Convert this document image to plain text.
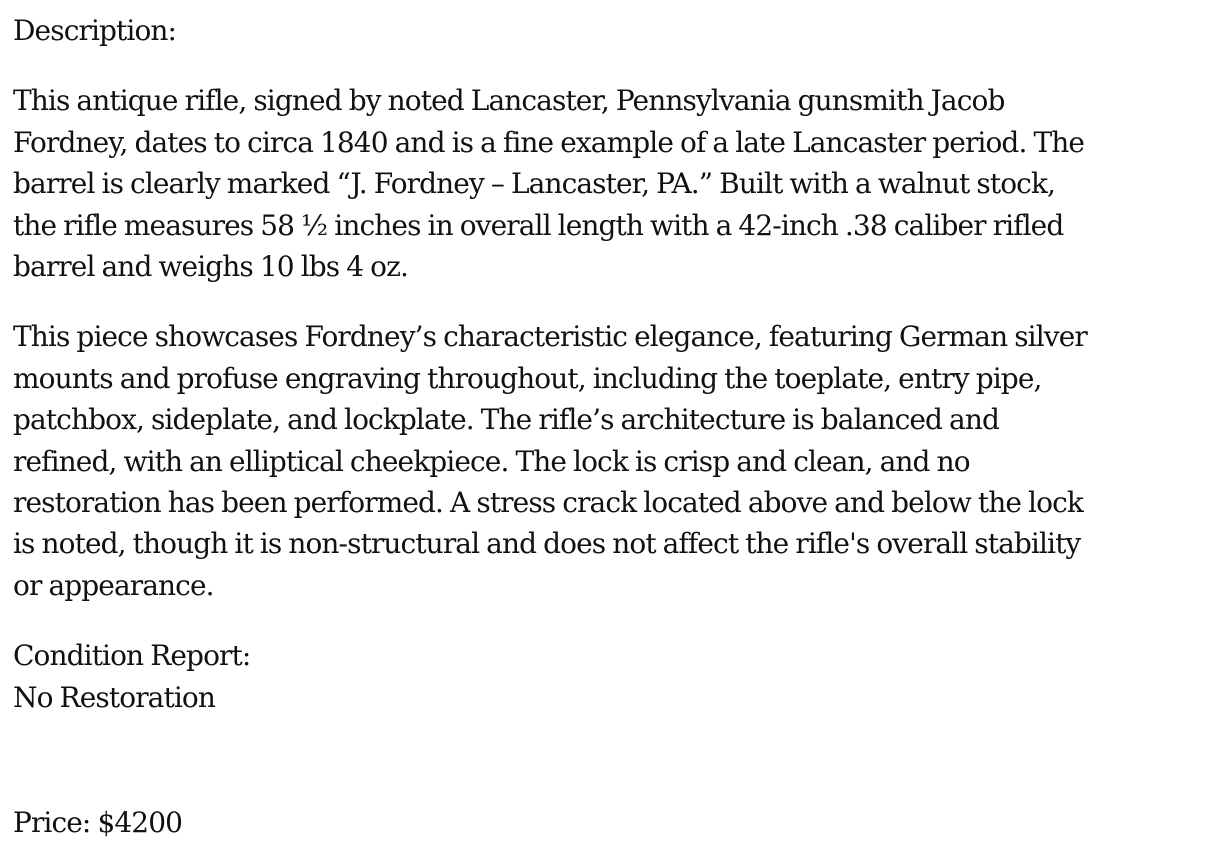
Description:
This antique rifle, signed by noted Lancaster, Pennsylvania gunsmith Jacob
Fordney, dates to circa 1840 and is a fine example of a late Lancaster period. The
barrel is clearly marked “J. Fordney – Lancaster, PA.” Built with a walnut stock,
the rifle measures 58 ½ inches in overall length with a 42-inch .38 caliber rifled
barrel and weighs 10 lbs 4 oz.
This piece showcases Fordney’s characteristic elegance, featuring German silver
mounts and profuse engraving throughout, including the toeplate, entry pipe,
patchbox, sideplate, and lockplate. The rifle’s architecture is balanced and
refined, with an elliptical cheekpiece. The lock is crisp and clean, and no
restoration has been performed. A stress crack located above and below the lock
is noted, though it is non-structural and does not affect the rifle's overall stability
or appearance.
Condition Report:
No Restoration
Price: $4200
